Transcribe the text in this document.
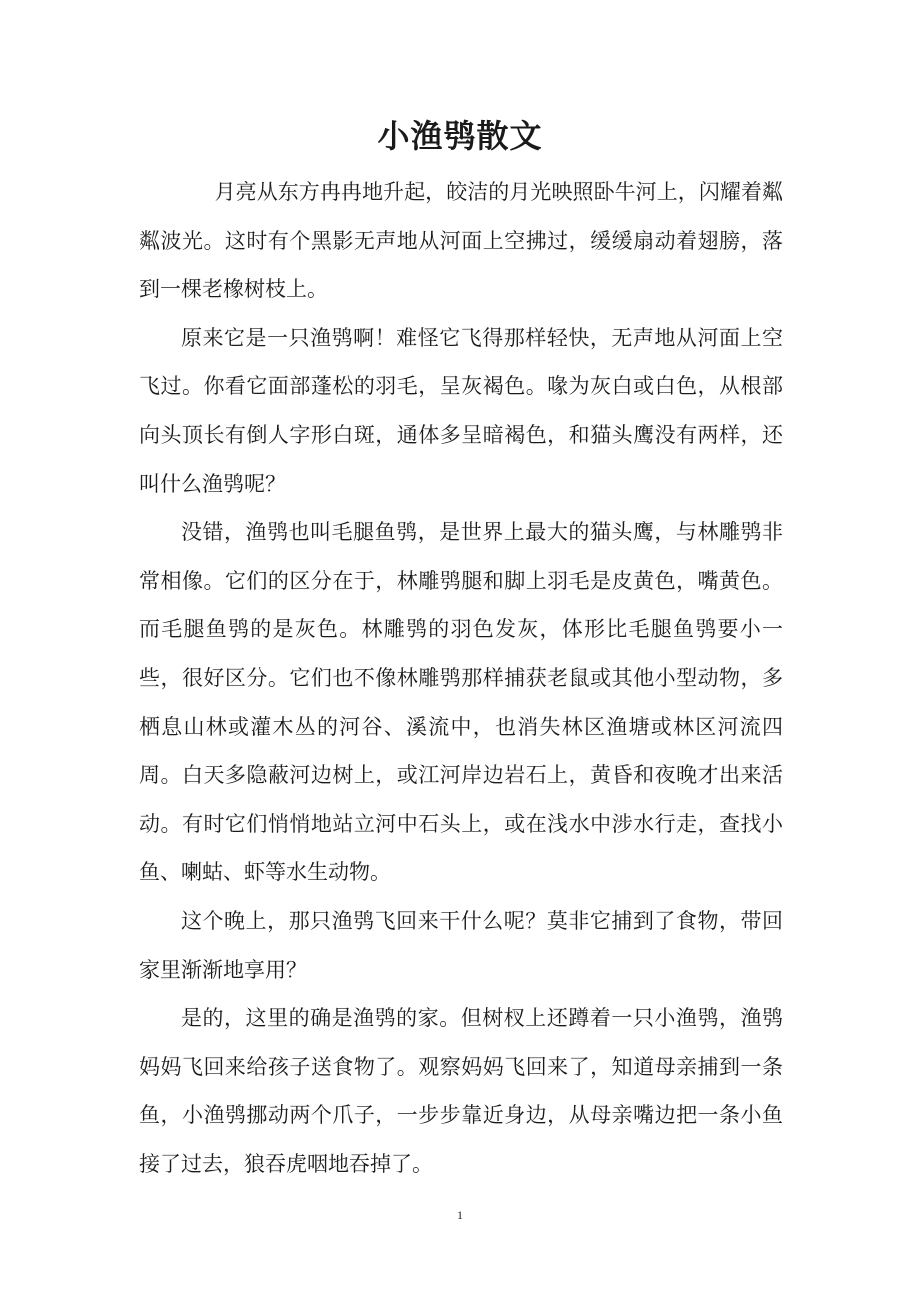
小渔鸮散文

月亮从东方冉冉地升起，皎洁的月光映照卧牛河上，闪耀着粼粼波光。这时有个黑影无声地从河面上空拂过，缓缓扇动着翅膀，落到一棵老橡树枝上。

原来它是一只渔鸮啊！难怪它飞得那样轻快，无声地从河面上空飞过。你看它面部蓬松的羽毛，呈灰褐色。喙为灰白或白色，从根部向头顶长有倒人字形白斑，通体多呈暗褐色，和猫头鹰没有两样，还叫什么渔鸮呢？

没错，渔鸮也叫毛腿鱼鸮，是世界上最大的猫头鹰，与林雕鸮非常相像。它们的区分在于，林雕鸮腿和脚上羽毛是皮黄色，嘴黄色。而毛腿鱼鸮的是灰色。林雕鸮的羽色发灰，体形比毛腿鱼鸮要小一些，很好区分。它们也不像林雕鸮那样捕获老鼠或其他小型动物，多栖息山林或灌木丛的河谷、溪流中，也消失林区渔塘或林区河流四周。白天多隐蔽河边树上，或江河岸边岩石上，黄昏和夜晚才出来活动。有时它们悄悄地站立河中石头上，或在浅水中涉水行走，查找小鱼、喇蛄、虾等水生动物。

这个晚上，那只渔鸮飞回来干什么呢？莫非它捕到了食物，带回家里渐渐地享用？

是的，这里的确是渔鸮的家。但树杈上还蹲着一只小渔鸮，渔鸮妈妈飞回来给孩子送食物了。观察妈妈飞回来了，知道母亲捕到一条鱼，小渔鸮挪动两个爪子，一步步靠近身边，从母亲嘴边把一条小鱼接了过去，狼吞虎咽地吞掉了。

1
